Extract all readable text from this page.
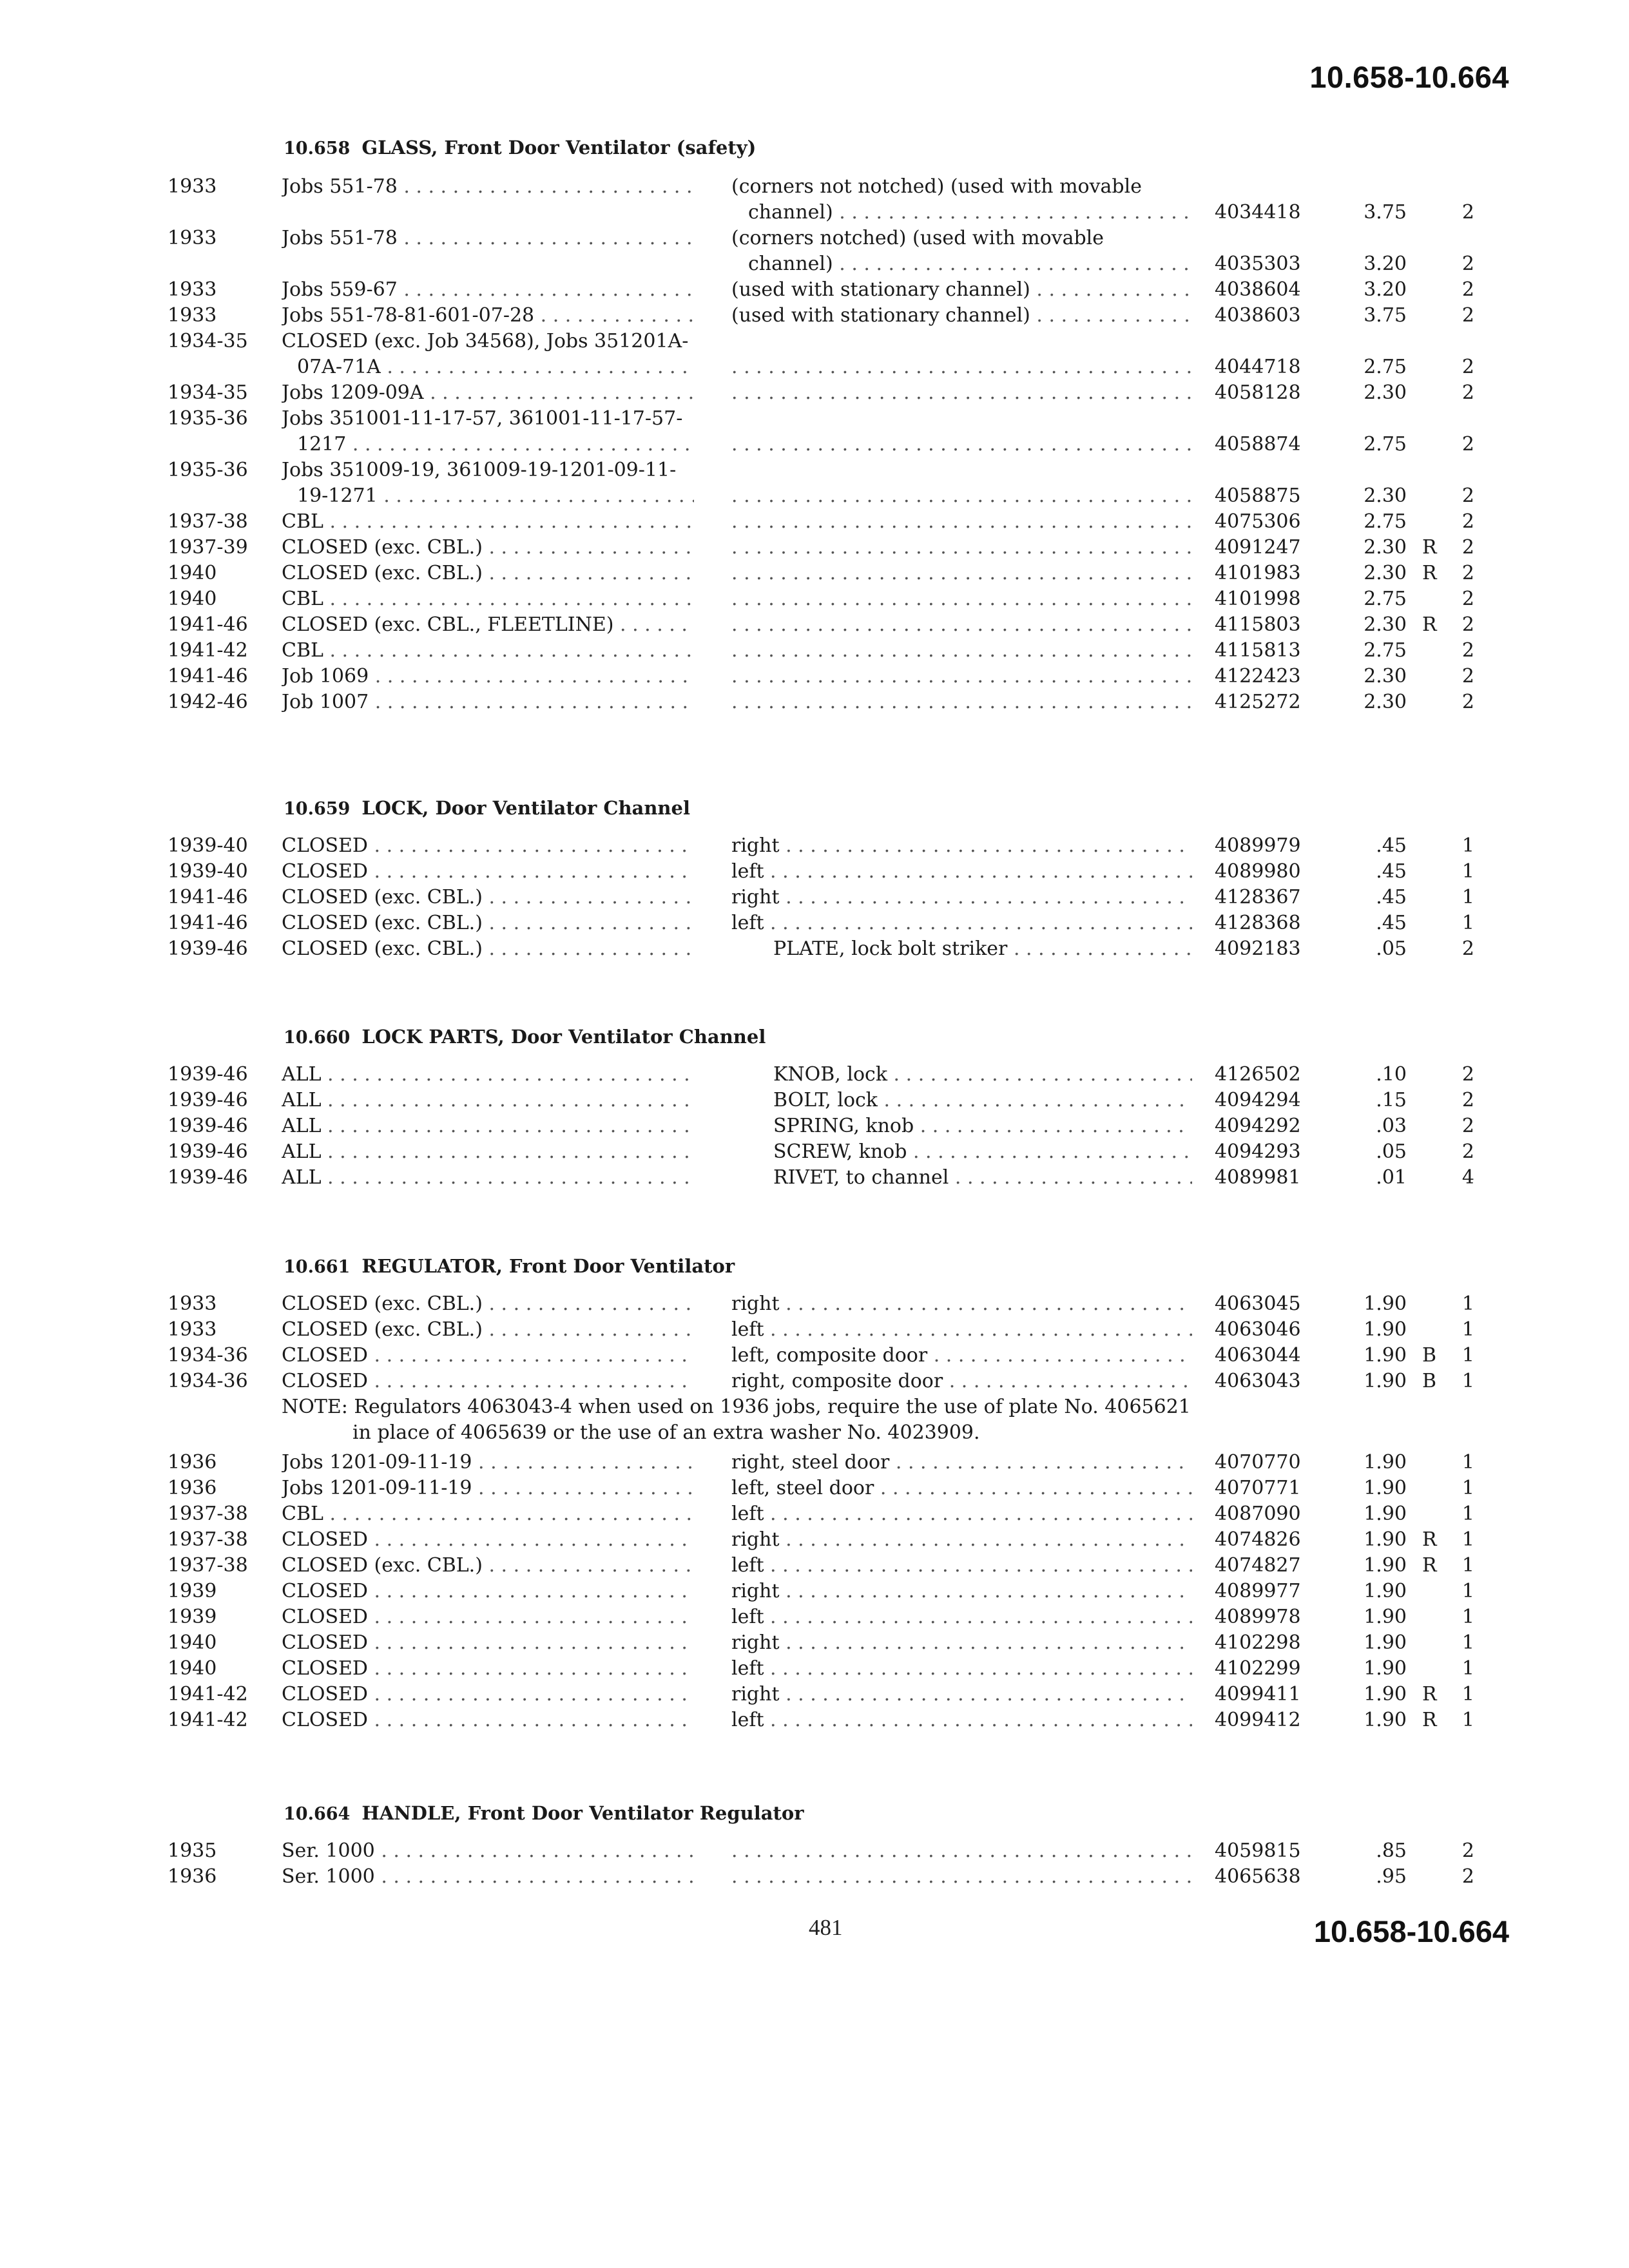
10.658-10.664
10.658 GLASS, Front Door Ventilator (safety)
1933	Jobs 551-78 . . .	(corners not notched) (used with movable
channel) . . .	4034418	3.75	2
1933	Jobs 551-78 . . .	(corners notched) (used with movable
channel) . . .	4035303	3.20	2
1933	Jobs 559-67 . . .	(used with stationary channel) . . .	4038604	3.20	2
1933	Jobs 551-78-81-601-07-28 . . .	(used with stationary channel) . . .	4038603	3.75	2
1934-35 CLOSED (exc. Job 34568), Jobs 351201A-
07A-71A . . . . . .	4044718	2.75	2
1934-35 Jobs 1209-09A . . . . . .	4058128	2.30	2
1935-36 Jobs 351001-11-17-57, 361001-11-17-57-
1217 . . . . . .	4058874	2.75	2
1935-36 Jobs 351009-19, 361009-19-1201-09-11-
19-1271 . . . . . .	4058875	2.30	2
1937-38 CBL . . . . . .	4075306	2.75	2
1937-39 CLOSED (exc. CBL.) . . . . . .	4091247	2.30 R 2
1940	CLOSED (exc. CBL.) . . . . . .	4101983	2.30 R 2
1940	CBL . . . . . .	4101998	2.75	2
1941-46 CLOSED (exc. CBL., FLEETLINE) . . . . . .	4115803	2.30 R 2
1941-42 CBL . . . . . .	4115813	2.75	2
1941-46 Job 1069 . . . . . .	4122423	2.30	2
1942-46 Job 1007 . . . . . .	4125272	2.30	2
10.659 LOCK, Door Ventilator Channel
1939-40 CLOSED . . .	right . . .	4089979	.45	1
1939-40 CLOSED . . .	left . . .	4089980	.45	1
1941-46 CLOSED (exc. CBL.) . . .	right . . .	4128367	.45	1
1941-46 CLOSED (exc. CBL.) . . .	left . . .	4128368	.45	1
1939-46 CLOSED (exc. CBL.) . . .	PLATE, lock bolt striker . . .	4092183	.05	2
10.660 LOCK PARTS, Door Ventilator Channel
1939-46 ALL . . .	KNOB, lock . . .	4126502	.10	2
1939-46 ALL . . .	BOLT, lock . . .	4094294	.15	2
1939-46 ALL . . .	SPRING, knob . . .	4094292	.03	2
1939-46 ALL . . .	SCREW, knob . . .	4094293	.05	2
1939-46 ALL . . .	RIVET, to channel . . .	4089981	.01	4
10.661 REGULATOR, Front Door Ventilator
1933	CLOSED (exc. CBL.) . . .	right . . .	4063045	1.90	1
1933	CLOSED (exc. CBL.) . . .	left . . .	4063046	1.90	1
1934-36 CLOSED . . .	left, composite door . . .	4063044	1.90 B 1
1934-36 CLOSED . . .	right, composite door . . .	4063043	1.90 B 1
NOTE: Regulators 4063043-4 when used on 1936 jobs, require the use of plate No. 4065621
in place of 4065639 or the use of an extra washer No. 4023909.
1936	Jobs 1201-09-11-19 . . .	right, steel door . . .	4070770	1.90	1
1936	Jobs 1201-09-11-19 . . .	left, steel door . . .	4070771	1.90	1
1937-38 CBL . . .	left . . .	4087090	1.90	1
1937-38 CLOSED . . .	right . . .	4074826	1.90 R 1
1937-38 CLOSED (exc. CBL.) . . .	left . . .	4074827	1.90 R 1
1939	CLOSED . . .	right . . .	4089977	1.90	1
1939	CLOSED . . .	left . . .	4089978	1.90	1
1940	CLOSED . . .	right . . .	4102298	1.90	1
1940	CLOSED . . .	left . . .	4102299	1.90	1
1941-42 CLOSED . . .	right . . .	4099411	1.90 R 1
1941-42 CLOSED . . .	left . . .	4099412	1.90 R 1
10.664 HANDLE, Front Door Ventilator Regulator
1935	Ser. 1000 . . . . . .	4059815	.85	2
1936	Ser. 1000 . . . . . .	4065638	.95	2
481	10.658-10.664
